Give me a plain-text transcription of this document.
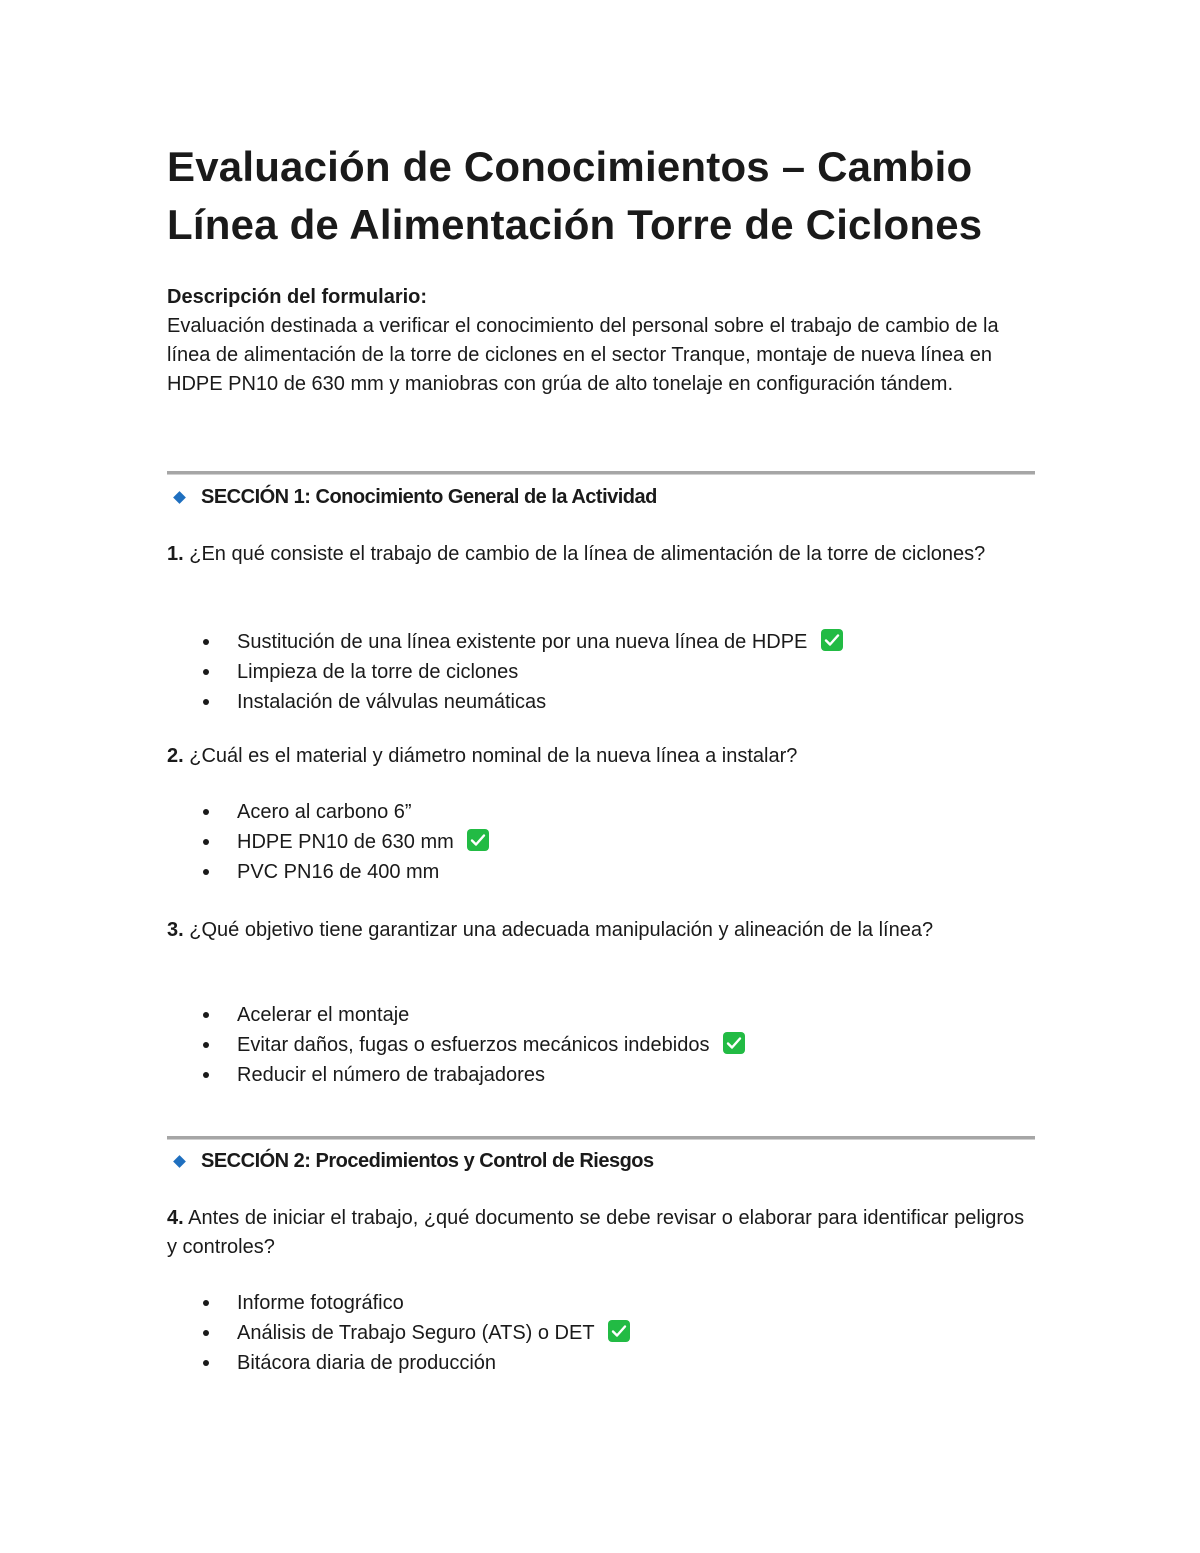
Evaluación de Conocimientos – Cambio Línea de Alimentación Torre de Ciclones
Descripción del formulario:
Evaluación destinada a verificar el conocimiento del personal sobre el trabajo de cambio de la línea de alimentación de la torre de ciclones en el sector Tranque, montaje de nueva línea en HDPE PN10 de 630 mm y maniobras con grúa de alto tonelaje en configuración tándem.
SECCIÓN 1: Conocimiento General de la Actividad
1. ¿En qué consiste el trabajo de cambio de la línea de alimentación de la torre de ciclones?
Sustitución de una línea existente por una nueva línea de HDPE
Limpieza de la torre de ciclones
Instalación de válvulas neumáticas
2. ¿Cuál es el material y diámetro nominal de la nueva línea a instalar?
Acero al carbono 6”
HDPE PN10 de 630 mm
PVC PN16 de 400 mm
3. ¿Qué objetivo tiene garantizar una adecuada manipulación y alineación de la línea?
Acelerar el montaje
Evitar daños, fugas o esfuerzos mecánicos indebidos
Reducir el número de trabajadores
SECCIÓN 2: Procedimientos y Control de Riesgos
4. Antes de iniciar el trabajo, ¿qué documento se debe revisar o elaborar para identificar peligros y controles?
Informe fotográfico
Análisis de Trabajo Seguro (ATS) o DET
Bitácora diaria de producción
